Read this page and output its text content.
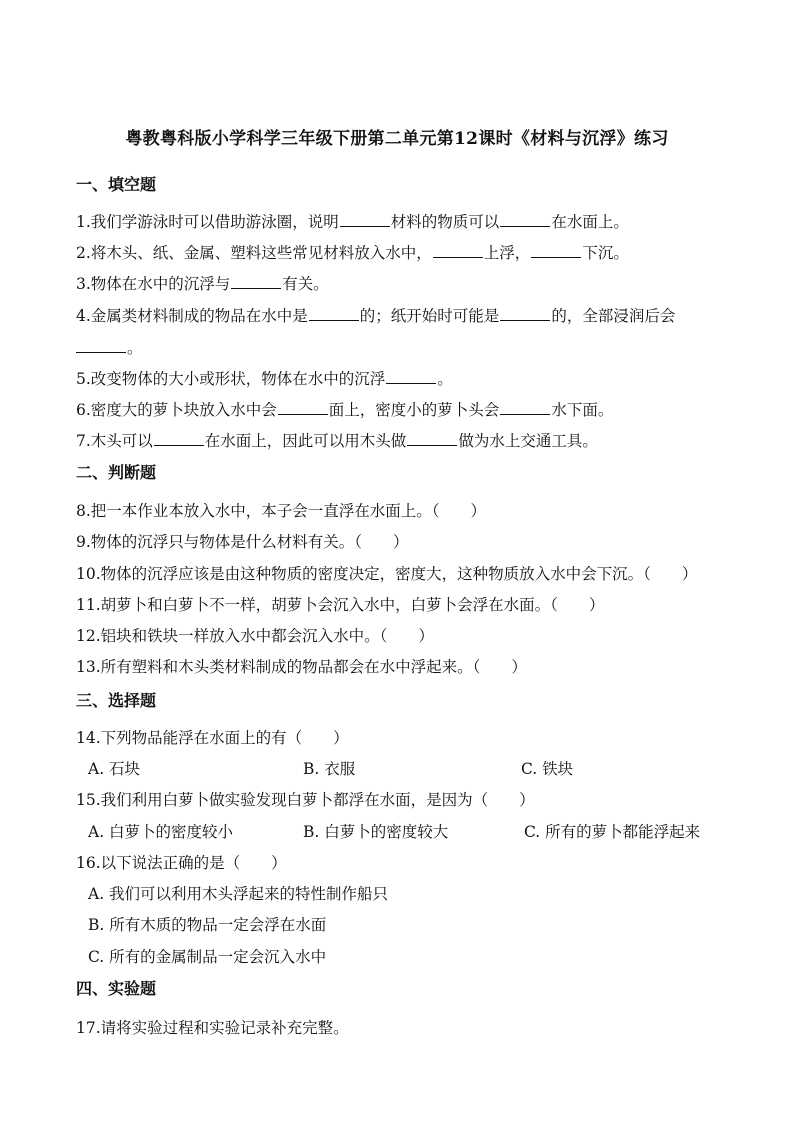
粤教粤科版小学科学三年级下册第二单元第12课时《材料与沉浮》练习
一、填空题
1.我们学游泳时可以借助游泳圈，说明	材料的物质可以	在水面上。
2.将木头、纸、金属、塑料这些常见材料放入水中，	上浮，	下沉。
3.物体在水中的沉浮与	有关。
4.金属类材料制成的物品在水中是	的；纸开始时可能是	的，全部浸润后会
。
5.改变物体的大小或形状，物体在水中的沉浮	。
6.密度大的萝卜块放入水中会	面上，密度小的萝卜头会	水下面。
7.木头可以	在水面上，因此可以用木头做	做为水上交通工具。
二、判断题
8.把一本作业本放入水中，本子会一直浮在水面上。（　　）
9.物体的沉浮只与物体是什么材料有关。（　　）
10.物体的沉浮应该是由这种物质的密度决定，密度大，这种物质放入水中会下沉。（　　）
11.胡萝卜和白萝卜不一样，胡萝卜会沉入水中，白萝卜会浮在水面。（　　）
12.铝块和铁块一样放入水中都会沉入水中。（　　）
13.所有塑料和木头类材料制成的物品都会在水中浮起来。（　　）
三、选择题
14.下列物品能浮在水面上的有（　　）
A. 石块	B. 衣服	C. 铁块
15.我们利用白萝卜做实验发现白萝卜都浮在水面，是因为（　　）
A. 白萝卜的密度较小	B. 白萝卜的密度较大	C. 所有的萝卜都能浮起来
16.以下说法正确的是（　　）
A. 我们可以利用木头浮起来的特性制作船只
B. 所有木质的物品一定会浮在水面
C. 所有的金属制品一定会沉入水中
四、实验题
17.请将实验过程和实验记录补充完整。
